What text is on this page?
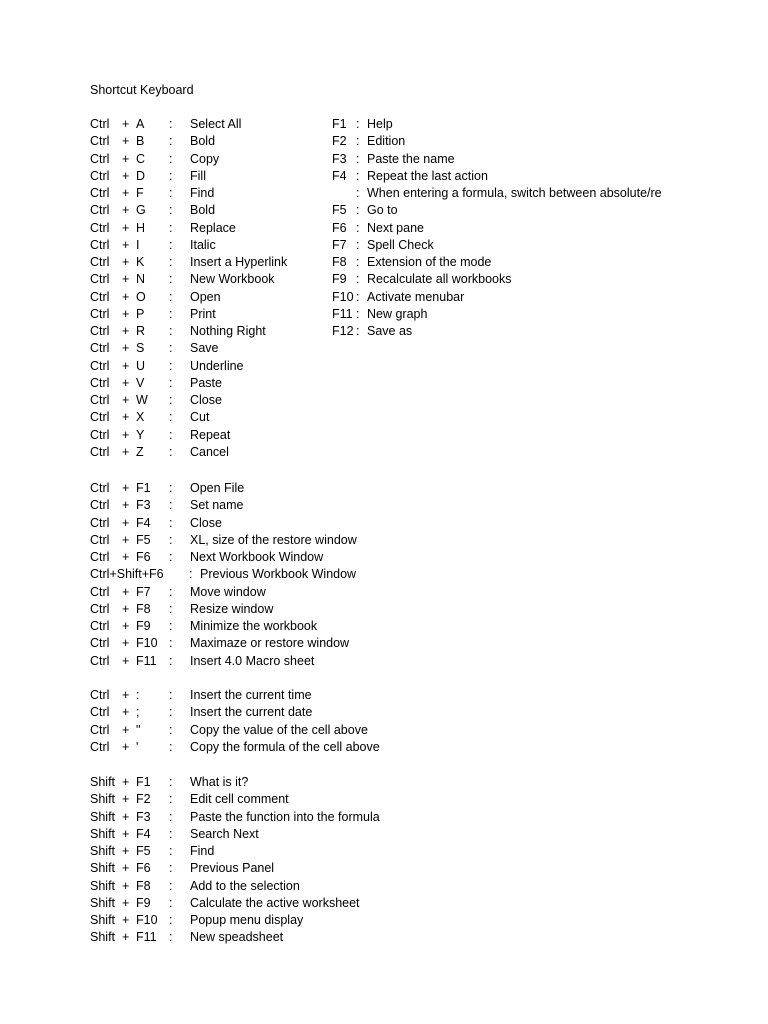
Shortcut Keyboard
Ctrl + A : Select All
Ctrl + B : Bold
Ctrl + C : Copy
Ctrl + D : Fill
Ctrl + F : Find
Ctrl + G : Bold
Ctrl + H : Replace
Ctrl + I : Italic
Ctrl + K : Insert a Hyperlink
Ctrl + N : New Workbook
Ctrl + O : Open
Ctrl + P : Print
Ctrl + R : Nothing Right
Ctrl + S : Save
Ctrl + U : Underline
Ctrl + V : Paste
Ctrl + W : Close
Ctrl + X : Cut
Ctrl + Y : Repeat
Ctrl + Z : Cancel
Ctrl + F1 : Open File
Ctrl + F3 : Set name
Ctrl + F4 : Close
Ctrl + F5 : XL, size of the restore window
Ctrl + F6 : Next Workbook Window
Ctrl+Shift+F6 : Previous Workbook Window
Ctrl + F7 : Move window
Ctrl + F8 : Resize window
Ctrl + F9 : Minimize the workbook
Ctrl + F10 : Maximaze or restore window
Ctrl + F11 : Insert 4.0 Macro sheet
Ctrl + : : Insert the current time
Ctrl + ; : Insert the current date
Ctrl + " : Copy the value of the cell above
Ctrl + ' : Copy the formula of the cell above
Shift + F1 : What is it?
Shift + F2 : Edit cell comment
Shift + F3 : Paste the function into the formula
Shift + F4 : Search Next
Shift + F5 : Find
Shift + F6 : Previous Panel
Shift + F8 : Add to the selection
Shift + F9 : Calculate the active worksheet
Shift + F10 : Popup menu display
Shift + F11 : New speadsheet
F1 : Help
F2 : Edition
F3 : Paste the name
F4 : Repeat the last action
: When entering a formula, switch between absolute/re
F5 : Go to
F6 : Next pane
F7 : Spell Check
F8 : Extension of the mode
F9 : Recalculate all workbooks
F10 : Activate menubar
F11 : New graph
F12 : Save as
